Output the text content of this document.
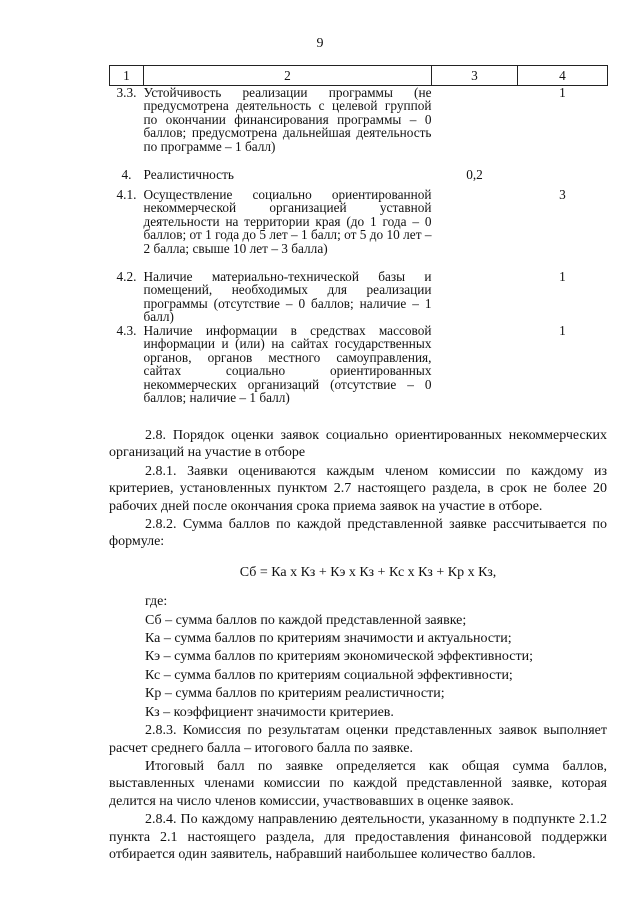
9
1	2	3	4
3.3.	Устойчивость реализации программы (не предусмотрена деятельность с целевой группой по окончании финансирования программы – 0 баллов; предусмотрена дальнейшая деятельность по программе – 1 балл)		1
4.	Реалистичность	0,2	
4.1.	Осуществление социально ориентированной некоммерческой организацией уставной деятельности на территории края (до 1 года – 0 баллов; от 1 года до 5 лет – 1 балл; от 5 до 10 лет – 2 балла; свыше 10 лет – 3 балла)		3
4.2.	Наличие материально-технической базы и помещений, необходимых для реализации программы (отсутствие – 0 баллов; наличие – 1 балл)		1
4.3.	Наличие информации в средствах массовой информации и (или) на сайтах государственных органов, органов местного самоуправления, сайтах социально ориентированных некоммерческих организаций (отсутствие – 0 баллов; наличие – 1 балл)		1

2.8. Порядок оценки заявок социально ориентированных некоммерческих организаций на участие в отборе

2.8.1. Заявки оцениваются каждым членом комиссии по каждому из критериев, установленных пунктом 2.7 настоящего раздела, в срок не более 20 рабочих дней после окончания срока приема заявок на участие в отборе.

2.8.2. Сумма баллов по каждой представленной заявке рассчитывается по формуле:

Сб = Ка х Кз + Кэ х Кз + Кс х Кз + Кр х Кз,

где:

Сб – сумма баллов по каждой представленной заявке;

Ка – сумма баллов по критериям значимости и актуальности;

Кэ – сумма баллов по критериям экономической эффективности;

Кс – сумма баллов по критериям социальной эффективности;

Кр – сумма баллов по критериям реалистичности;

Кз – коэффициент значимости критериев.

2.8.3. Комиссия по результатам оценки представленных заявок выполняет расчет среднего балла – итогового балла по заявке.

Итоговый балл по заявке определяется как общая сумма баллов, выставленных членами комиссии по каждой представленной заявке, которая делится на число членов комиссии, участвовавших в оценке заявок.

2.8.4. По каждому направлению деятельности, указанному в подпункте 2.1.2 пункта 2.1 настоящего раздела, для предоставления финансовой поддержки отбирается один заявитель, набравший наибольшее количество баллов.
